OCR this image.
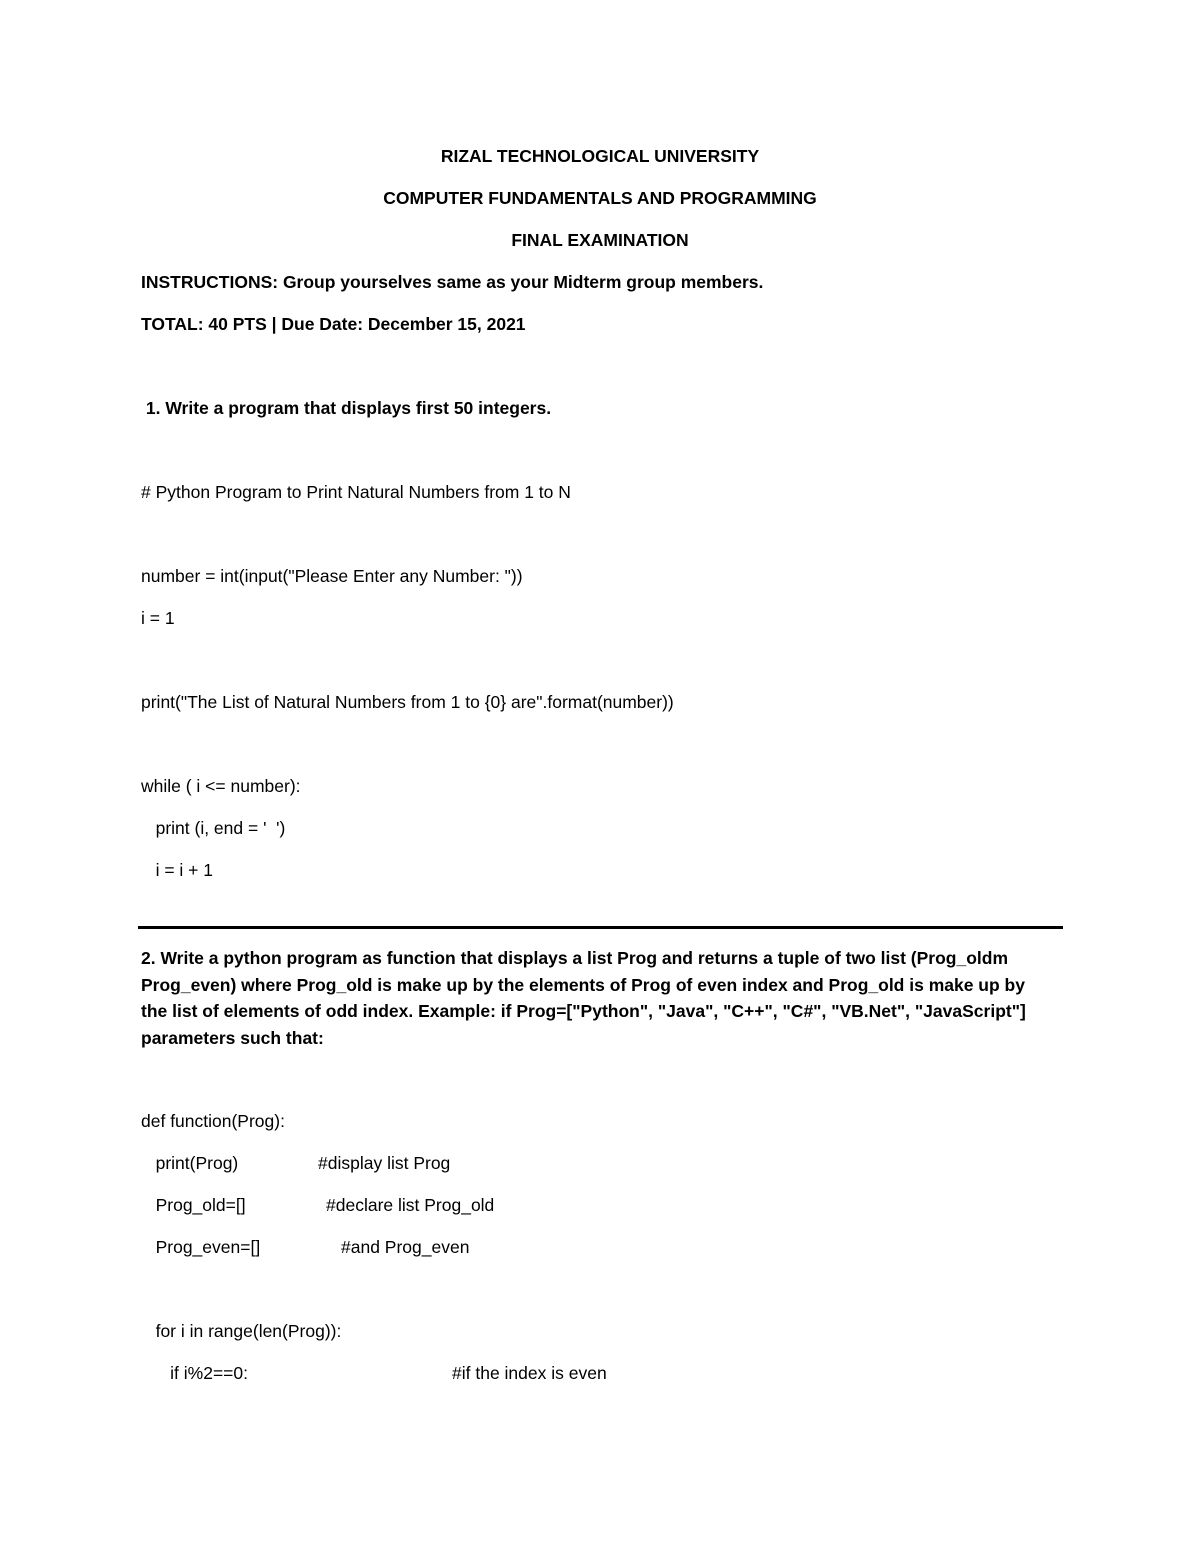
RIZAL TECHNOLOGICAL UNIVERSITY
COMPUTER FUNDAMENTALS AND PROGRAMMING
FINAL EXAMINATION
INSTRUCTIONS: Group yourselves same as your Midterm group members.
TOTAL: 40 PTS | Due Date: December 15, 2021
1. Write a program that displays first 50 integers.
# Python Program to Print Natural Numbers from 1 to N
number = int(input("Please Enter any Number: "))
i = 1
print("The List of Natural Numbers from 1 to {0} are".format(number))
while ( i <= number):
print (i, end = '  ')
i = i + 1
2. Write a python program as function that displays a list Prog and returns a tuple of two list (Prog_oldm Prog_even) where Prog_old is make up by the elements of Prog of even index and Prog_old is make up by the list of elements of odd index. Example: if Prog=["Python", "Java", "C++", "C#", "VB.Net", "JavaScript"] parameters such that:
def function(Prog):
print(Prog)	#display list Prog
Prog_old=[]	#declare list Prog_old
Prog_even=[]	#and Prog_even
for i in range(len(Prog)):
if i%2==0:	#if the index is even
